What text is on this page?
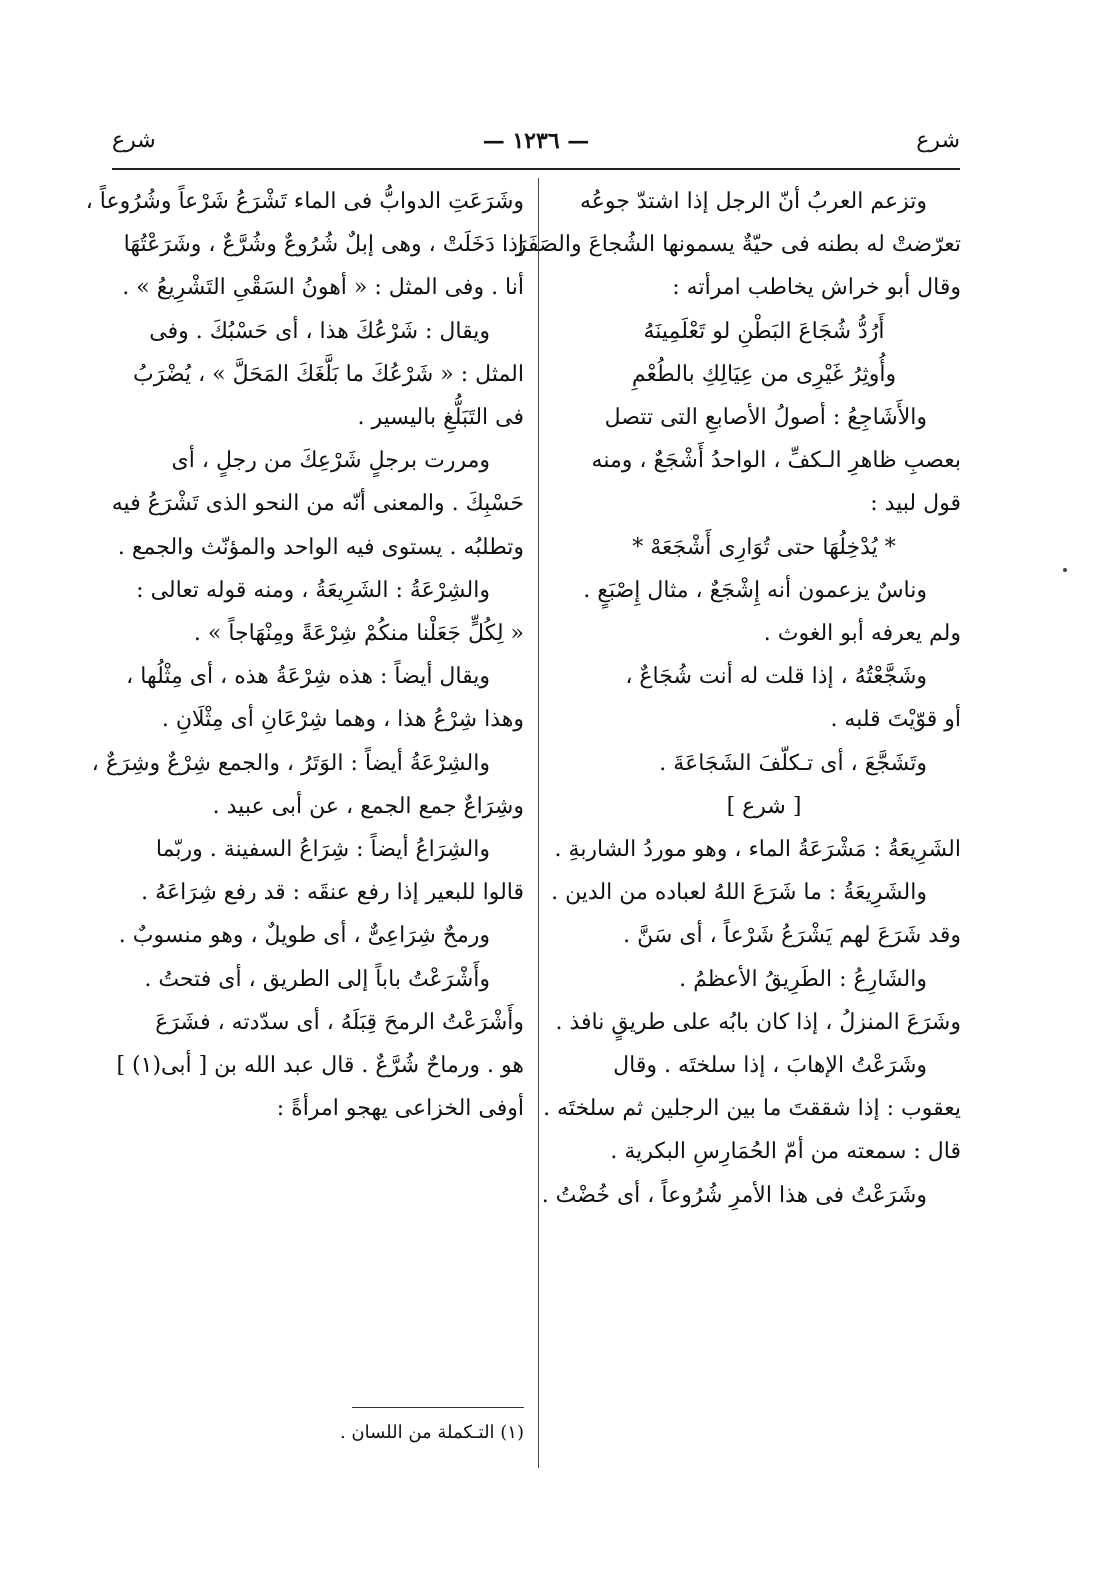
شرع
— ١٢٣٦ —
شرع
وتزعم العربُ أنّ الرجل إذا اشتدّ جوعُه
تعرّضتْ له بطنه فى حيّةٌ يسمونها الشُجاعَ والصَفَرَ .
وقال أبو خراش يخاطب امرأته :
أَرُدُّ شُجَاعَ البَطْنِ لو تَعْلَمِينَهُ
وأُوثِرُ غَيْرِى من عِيَالِكِ بالطُعْمِ
والأَشَاجِعُ : أصولُ الأصابعِ التى تتصل
بعصبِ ظاهرِ الـكفِّ ، الواحدُ أَشْجَعٌ ، ومنه
قول لبيد :
* يُدْخِلُهَا حتى تُوَارِى أَشْجَعَهْ *
وناسٌ يزعمون أنه إِشْجَعٌ ، مثال إِصْبَعٍ .
ولم يعرفه أبو الغوث .
وشَجَّعْتُهُ ، إذا قلت له أنت شُجَاعٌ ،
أو قوّيْتَ قلبه .
وتَشَجَّعَ ، أى تـكلّفَ الشَجَاعَةَ .
[ شرع ]
الشَرِيعَةُ : مَشْرَعَةُ الماء ، وهو موردُ الشاربةِ .
والشَرِيعَةُ : ما شَرَعَ اللهُ لعباده من الدين .
وقد شَرَعَ لهم يَشْرَعُ شَرْعاً ، أى سَنَّ .
والشَارِعُ : الطَرِيقُ الأعظمُ .
وشَرَعَ المنزلُ ، إذا كان بابُه على طريقٍ نافذ .
وشَرَعْتُ الإهابَ ، إذا سلختَه . وقال
يعقوب : إذا شققتَ ما بين الرجلين ثم سلختَه .
قال : سمعته من أمّ الحُمَارِسِ البكرية .
وشَرَعْتُ فى هذا الأمرِ شُرُوعاً ، أى خُضْتُ .
وشَرَعَتِ الدوابُّ فى الماء تَشْرَعُ شَرْعاً وشُرُوعاً ،
إذا دَخَلَتْ ، وهى إبلٌ شُرُوعٌ وشُرَّعٌ ، وشَرَعْتُهَا
أنا . وفى المثل : « أهونُ السَقْىِ التَشْرِيعُ » .
ويقال : شَرْعُكَ هذا ، أى حَسْبُكَ . وفى
المثل : « شَرْعُكَ ما بَلَّغَكَ المَحَلَّ » ، يُضْرَبُ
فى التَبَلُّغِ باليسير .
ومررت برجلٍ شَرْعِكَ من رجلٍ ، أى
حَسْبِكَ . والمعنى أنّه من النحو الذى تَشْرَعُ فيه
وتطلبُه . يستوى فيه الواحد والمؤنّث والجمع .
والشِرْعَةُ : الشَرِيعَةُ ، ومنه قوله تعالى :
« لِكُلٍّ جَعَلْنا منكُمْ شِرْعَةً ومِنْهَاجاً » .
ويقال أيضاً : هذه شِرْعَةُ هذه ، أى مِثْلُها ،
وهذا شِرْعُ هذا ، وهما شِرْعَانِ أى مِثْلَانِ .
والشِرْعَةُ أيضاً : الوَتَرُ ، والجمع شِرْعٌ وشِرَعٌ ،
وشِرَاعٌ جمع الجمع ، عن أبى عبيد .
والشِرَاعُ أيضاً : شِرَاعُ السفينة . وربّما
قالوا للبعير إذا رفع عنقَه : قد رفع شِرَاعَهُ .
ورمحٌ شِرَاعِىٌّ ، أى طويلٌ ، وهو منسوبٌ .
وأَشْرَعْتُ باباً إلى الطريق ، أى فتحتُ .
وأَشْرَعْتُ الرمحَ قِبَلَهُ ، أى سدّدته ، فشَرَعَ
هو . ورماحٌ شُرَّعٌ . قال عبد الله بن [ أبى(١) ]
أوفى الخزاعى يهجو امرأةً :
(١) التـكملة من اللسان .
